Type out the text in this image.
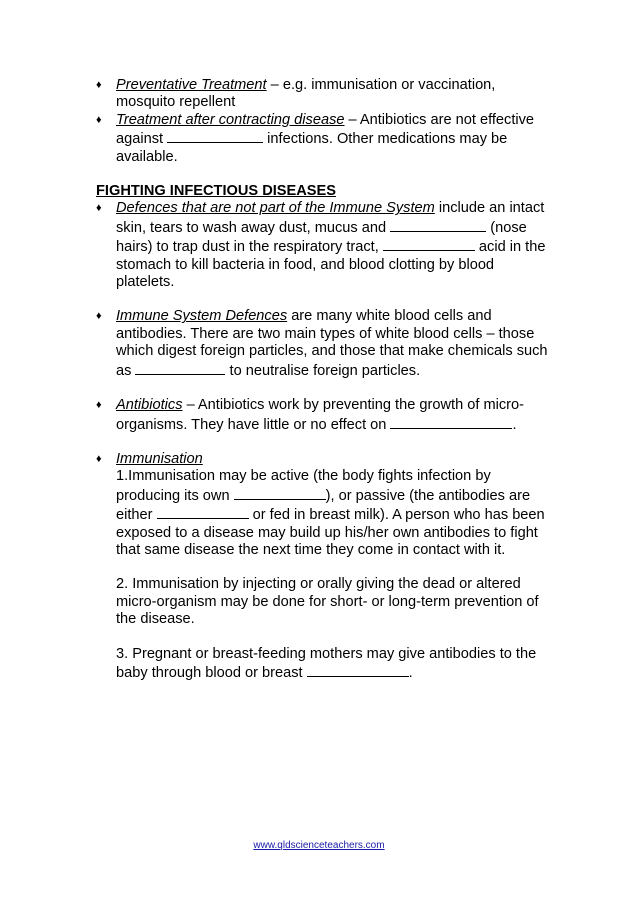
♦ Preventative Treatment – e.g. immunisation or vaccination, mosquito repellent
♦ Treatment after contracting disease – Antibiotics are not effective against	infections. Other medications may be available.
FIGHTING INFECTIOUS DISEASES
♦ Defences that are not part of the Immune System include an intact skin, tears to wash away dust, mucus and	(nose hairs) to trap dust in the respiratory tract,	acid in the stomach to kill bacteria in food, and blood clotting by blood platelets.
♦ Immune System Defences are many white blood cells and antibodies. There are two main types of white blood cells – those which digest foreign particles, and those that make chemicals such as	to neutralise foreign particles.
♦ Antibiotics – Antibiotics work by preventing the growth of micro-organisms. They have little or no effect on	.
♦ Immunisation
1.Immunisation may be active (the body fights infection by producing its own	), or passive (the antibodies are either	or fed in breast milk). A person who has been exposed to a disease may build up his/her own antibodies to fight that same disease the next time they come in contact with it.
2. Immunisation by injecting or orally giving the dead or altered micro-organism may be done for short- or long-term prevention of the disease.
3. Pregnant or breast-feeding mothers may give antibodies to the baby through blood or breast	.
www.qldscienceteachers.com
